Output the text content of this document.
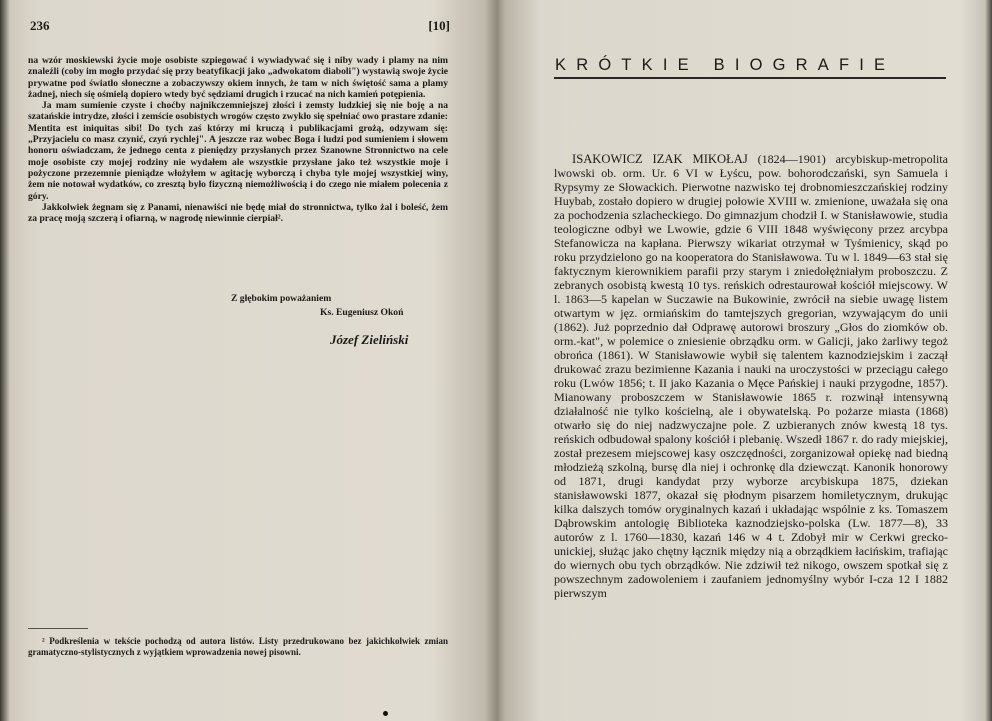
236	[10]

na wzór moskiewski życie moje osobiste szpiegować i wywiadywać się i niby wady i plamy na nim znaleźli (coby im mogło przydać się przy beatyfikacji jako „adwokatom diaboli") wystawią swoje życie prywatne pod światło słoneczne a zobaczywszy okiem innych, że tam w nich świętość sama a plamy żadnej, niech się ośmielą dopiero wtedy być sędziami drugich i rzucać na nich kamień potępienia.

Ja mam sumienie czyste i choćby najnikczemniejszej złości i zemsty ludzkiej się nie boję a na szatańskie intrydze, złości i zemście osobistych wrogów często zwykło się spełniać owo prastare zdanie: Mentita est iniquitas sibi! Do tych zaś którzy mi kruczą i publikacjami grożą, odzywam się: „Przyjacielu co masz czynić, czyń rychlej". A jeszcze raz wobec Boga i ludzi pod sumieniem i słowem honoru oświadczam, że jednego centa z pieniędzy przysłanych przez Szanowne Stronnictwo na cele moje osobiste czy mojej rodziny nie wydałem ale wszystkie przysłane jako też wszystkie moje i pożyczone przezemnie pieniądze włożyłem w agitację wyborczą i chyba tyle mojej wszystkiej winy, żem nie notował wydatków, co zresztą było fizyczną niemożliwością i do czego nie miałem polecenia z góry.

Jakkolwiek żegnam się z Panami, nienawiści nie będę miał do stronnictwa, tylko żal i boleść, żem za pracę moją szczerą i ofiarną, w nagrodę niewinnie cierpiał².

Z głębokim poważaniem
Ks. Eugeniusz Okoń
Józef Zieliński
² Podkreślenia w tekście pochodzą od autora listów. Listy przedrukowano bez jakichkolwiek zmian gramatyczno-stylistycznych z wyjątkiem wprowadzenia nowej pisowni.
KRÓTKIE BIOGRAFIE

ISAKOWICZ IZAK MIKOŁAJ (1824—1901) arcybiskup-metropolita lwowski ob. orm. Ur. 6 VI w Łyścu, pow. bohorodczański, syn Samuela i Rypsymy ze Słowackich. Pierwotne nazwisko tej drobnomieszczańskiej rodziny Huybab, zostało dopiero w drugiej połowie XVIII w. zmienione, uważała się ona za pochodzenia szlacheckiego. Do gimnazjum chodził I. w Stanisławowie, studia teologiczne odbył we Lwowie, gdzie 6 VIII 1848 wyświęcony przez arcybpa Stefanowicza na kapłana. Pierwszy wikariat otrzymał w Tyśmienicy, skąd po roku przydzielono go na kooperatora do Stanisławowa. Tu w l. 1849—63 stał się faktycznym kierownikiem parafii przy starym i zniedołężniałym proboszczu. Z zebranych osobistą kwestą 10 tys. reńskich odrestaurował kościół miejscowy. W l. 1863—5 kapelan w Suczawie na Bukowinie, zwrócił na siebie uwagę listem otwartym w jęz. ormiańskim do tamtejszych gregorian, wzywającym do unii (1862). Już poprzednio dał Odprawę autorowi broszury „Głos do ziomków ob. orm.-kat", w polemice o zniesienie obrządku orm. w Galicji, jako żarliwy tegoż obrońca (1861). W Stanisławowie wybił się talentem kaznodziejskim i zaczął drukować zrazu bezimienne Kazania i nauki na uroczystości w przeciągu całego roku (Lwów 1856; t. II jako Kazania o Męce Pańskiej i nauki przygodne, 1857). Mianowany proboszczem w Stanisławowie 1865 r. rozwinął intensywną działalność nie tylko kościelną, ale i obywatelską. Po pożarze miasta (1868) otwarło się do niej nadzwyczajne pole. Z uzbieranych znów kwestą 18 tys. reńskich odbudował spalony kościół i plebanię. Wszedł 1867 r. do rady miejskiej, został prezesem miejscowej kasy oszczędności, zorganizował opiekę nad biedną młodzieżą szkolną, bursę dla niej i ochronkę dla dziewcząt. Kanonik honorowy od 1871, drugi kandydat przy wyborze arcybiskupa 1875, dziekan stanisławowski 1877, okazał się płodnym pisarzem homiletycznym, drukując kilka dalszych tomów oryginalnych kazań i układając wspólnie z ks. Tomaszem Dąbrowskim antologię Biblioteka kaznodziejsko-polska (Lw. 1877—8), 33 autorów z l. 1760—1830, kazań 146 w 4 t. Zdobył mir w Cerkwi grecko-unickiej, służąc jako chętny łącznik między nią a obrządkiem łacińskim, trafiając do wiernych obu tych obrządków. Nie zdziwił też nikogo, owszem spotkał się z powszechnym zadowoleniem i zaufaniem jednomyślny wybór I-cza 12 I 1882 pierwszym
